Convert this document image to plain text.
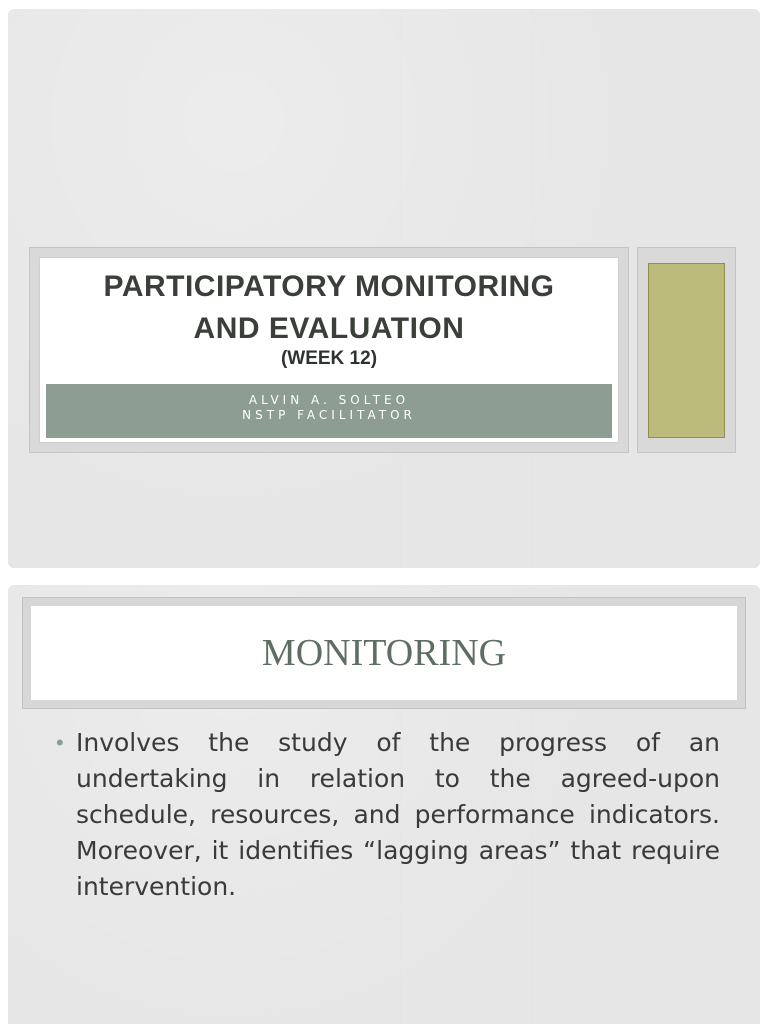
PARTICIPATORY MONITORING
AND EVALUATION
(WEEK 12)
ALVIN A. SOLTEO
NSTP FACILITATOR
MONITORING
• Involves the study of the progress of an undertaking in relation to the agreed-upon schedule, resources, and performance indicators. Moreover, it identifies “lagging areas” that require intervention.
